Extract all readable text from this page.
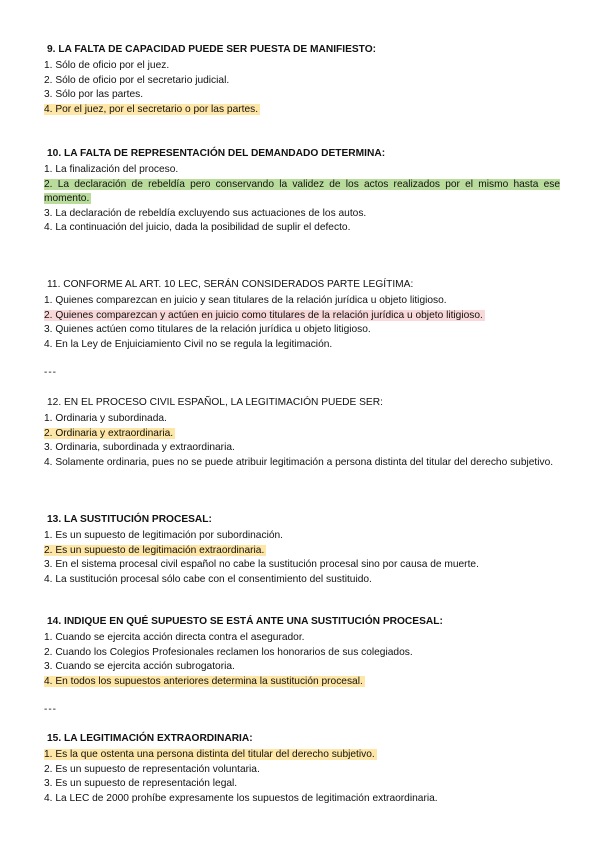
9. LA FALTA DE CAPACIDAD PUEDE SER PUESTA DE MANIFIESTO:

1. Sólo de oficio por el juez.

2. Sólo de oficio por el secretario judicial.

3. Sólo por las partes.

4. Por el juez, por el secretario o por las partes.

10. LA FALTA DE REPRESENTACIÓN DEL DEMANDADO DETERMINA:

1. La finalización del proceso.

2. La declaración de rebeldía pero conservando la validez de los actos realizados por el mismo hasta ese momento.

3. La declaración de rebeldía excluyendo sus actuaciones de los autos.

4. La continuación del juicio, dada la posibilidad de suplir el defecto.

11. CONFORME AL ART. 10 LEC, SERÁN CONSIDERADOS PARTE LEGÍTIMA:

1. Quienes comparezcan en juicio y sean titulares de la relación jurídica u objeto litigioso.

2. Quienes comparezcan y actúen en juicio como titulares de la relación jurídica u objeto litigioso.

3. Quienes actúen como titulares de la relación jurídica u objeto litigioso.

4. En la Ley de Enjuiciamiento Civil no se regula la legitimación.

---

12. EN EL PROCESO CIVIL ESPAÑOL, LA LEGITIMACIÓN PUEDE SER:

1. Ordinaria y subordinada.

2. Ordinaria y extraordinaria.

3. Ordinaria, subordinada y extraordinaria.

4. Solamente ordinaria, pues no se puede atribuir legitimación a persona distinta del titular del derecho subjetivo.

13. LA SUSTITUCIÓN PROCESAL:

1. Es un supuesto de legitimación por subordinación.

2. Es un supuesto de legitimación extraordinaria.

3. En el sistema procesal civil español no cabe la sustitución procesal sino por causa de muerte.

4. La sustitución procesal sólo cabe con el consentimiento del sustituido.

14. INDIQUE EN QUÉ SUPUESTO SE ESTÁ ANTE UNA SUSTITUCIÓN PROCESAL:

1. Cuando se ejercita acción directa contra el asegurador.

2. Cuando los Colegios Profesionales reclamen los honorarios de sus colegiados.

3. Cuando se ejercita acción subrogatoria.

4. En todos los supuestos anteriores determina la sustitución procesal.

---

15. LA LEGITIMACIÓN EXTRAORDINARIA:

1. Es la que ostenta una persona distinta del titular del derecho subjetivo.

2. Es un supuesto de representación voluntaria.

3. Es un supuesto de representación legal.

4. La LEC de 2000 prohíbe expresamente los supuestos de legitimación extraordinaria.
